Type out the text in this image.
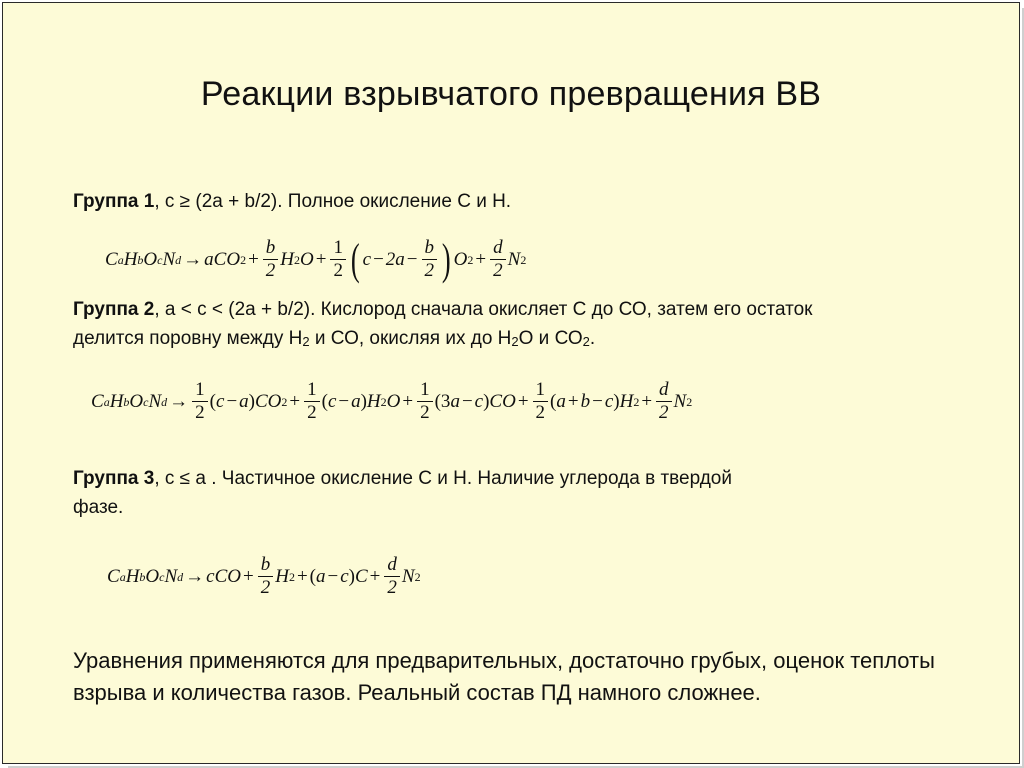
Реакции взрывчатого превращения ВВ
Группа 1, c ≥ (2a + b/2). Полное окисление С и Н.
C a H b O c N d → aCO $2 + \frac{b}{2}$ H 2 $O + \frac{1}{2}$ ( $c - 2a - \frac{b}{2}$ ) O $2 + \frac{d}{2}$ N 2
Группа 2, a < c < (2a + b/2). Кислород сначала окисляет С до СО, затем его остаток
делится поровну между $Н_2$ и СО, окисляя их до $Н_2О$ и $СО_2$.
C a H b O c N $d \to \frac{1}{2}$ ( c − a ) CO $2 + \frac{1}{2}$ ( c − a ) H 2 $O + \frac{1}{2} (3$ a − c ) CO + $\frac{1}{2}$ ( a + b − c ) H $2 + \frac{d}{2}$ N 2
Группа 3, c ≤ a . Частичное окисление С и Н. Наличие углерода в твердой
фазе.
C a H b O c N d → cCO + $\frac{b}{2}$ H 2 + ( a − c ) $C + \frac{d}{2}$ N 2
Уравнения применяются для предварительных, достаточно грубых, оценок теплоты взрыва и количества газов. Реальный состав ПД намного сложнее.
